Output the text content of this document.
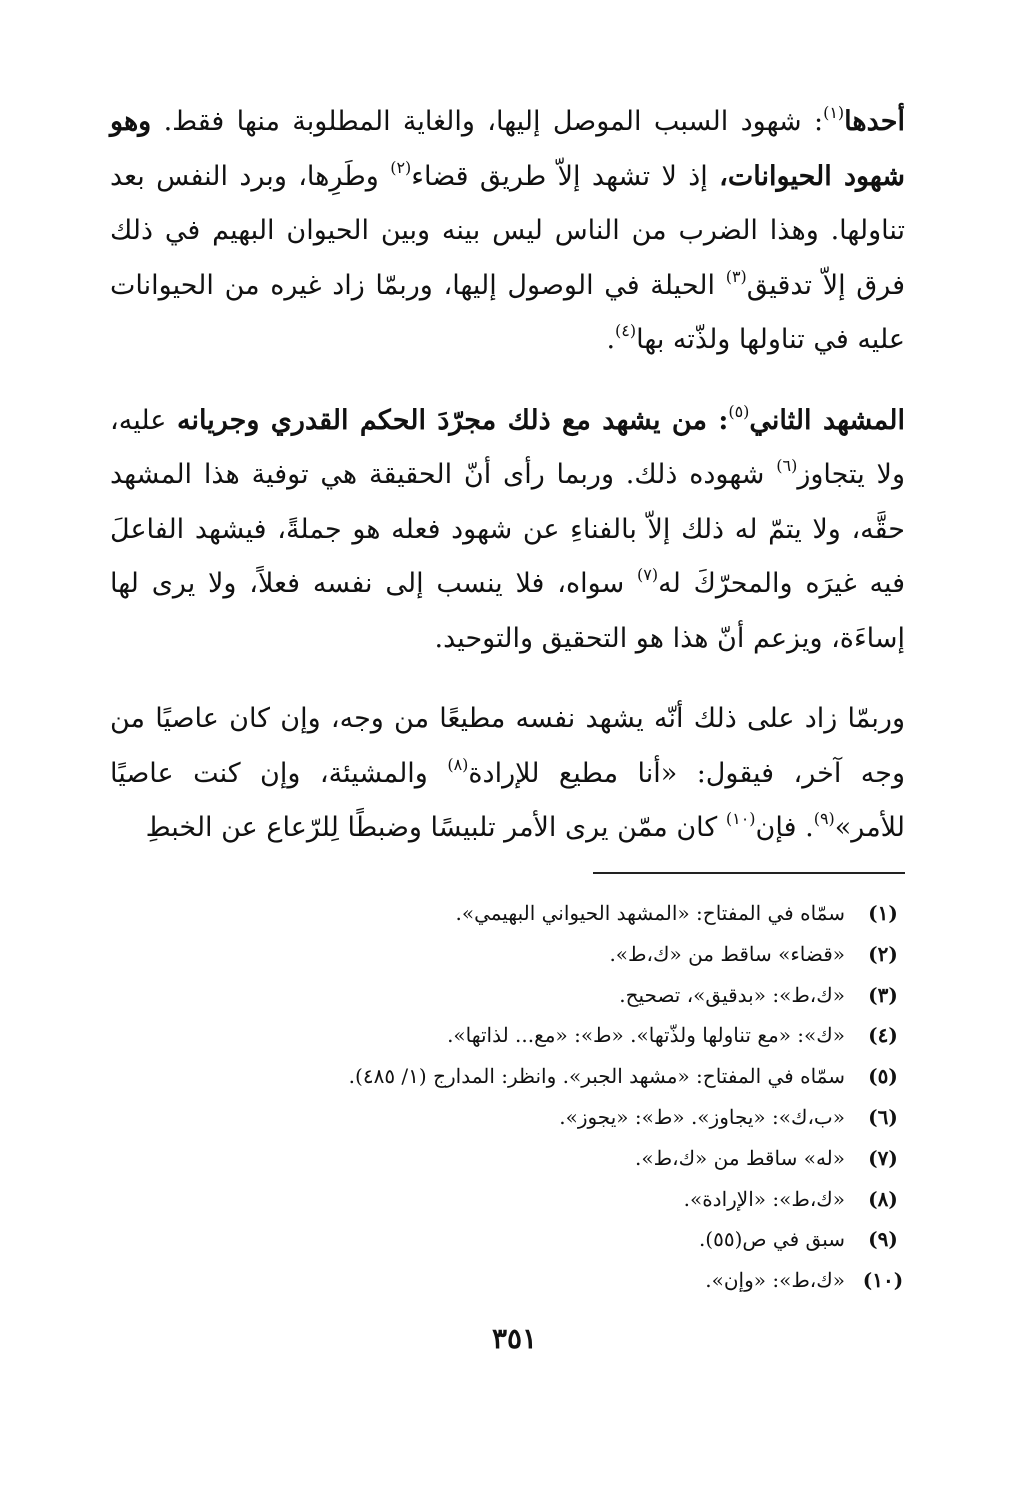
أحدها$^{(١)}$: شهود السبب الموصل إليها، والغاية المطلوبة منها فقط. وهو شهود الحيوانات، إذ لا تشهد إلاّ طريق قضاء$^{(٢)}$ وطَرِها، وبرد النفس بعد تناولها. وهذا الضرب من الناس ليس بينه وبين الحيوان البهيم في ذلك فرق إلاّ تدقيق$^{(٣)}$ الحيلة في الوصول إليها، وربمّا زاد غيره من الحيوانات عليه في تناولها ولذّته بها$^{(٤)}$.

المشهد الثاني$^{(٥)}$: من يشهد مع ذلك مجرّدَ الحكم القدري وجريانه عليه، ولا يتجاوز$^{(٦)}$ شهوده ذلك. وربما رأى أنّ الحقيقة هي توفية هذا المشهد حقَّه، ولا يتمّ له ذلك إلاّ بالفناءِ عن شهود فعله هو جملةً، فيشهد الفاعلَ فيه غيرَه والمحرّكَ له$^{(٧)}$ سواه، فلا ينسب إلى نفسه فعلاً، ولا يرى لها إساءَة، ويزعم أنّ هذا هو التحقيق والتوحيد.

وربمّا زاد على ذلك أنّه يشهد نفسه مطيعًا من وجه، وإن كان عاصيًا من وجه آخر، فيقول: «أنا مطيع للإرادة$^{(٨)}$ والمشيئة، وإن كنت عاصيًا للأمر»$^{(٩)}$. فإن$^{(١٠)}$ كان ممّن يرى الأمر تلبيسًا وضبطًا لِلرّعاع عن الخبطِ

(١)
سمّاه في المفتاح: «المشهد الحيواني البهيمي».
(٢)
«قضاء» ساقط من «ك،ط».
(٣)
«ك،ط»: «بدقيق»، تصحيح.
(٤)
«ك»: «مع تناولها ولذّتها». «ط»: «مع... لذاتها».
(٥)
سمّاه في المفتاح: «مشهد الجبر». وانظر: المدارج (١/ ٤٨٥).
(٦)
«ب،ك»: «يجاوز». «ط»: «يجوز».
(٧)
«له» ساقط من «ك،ط».
(٨)
«ك،ط»: «الإرادة».
(٩)
سبق في ص(٥٥).
(١٠)
«ك،ط»: «وإن».
٣٥١
